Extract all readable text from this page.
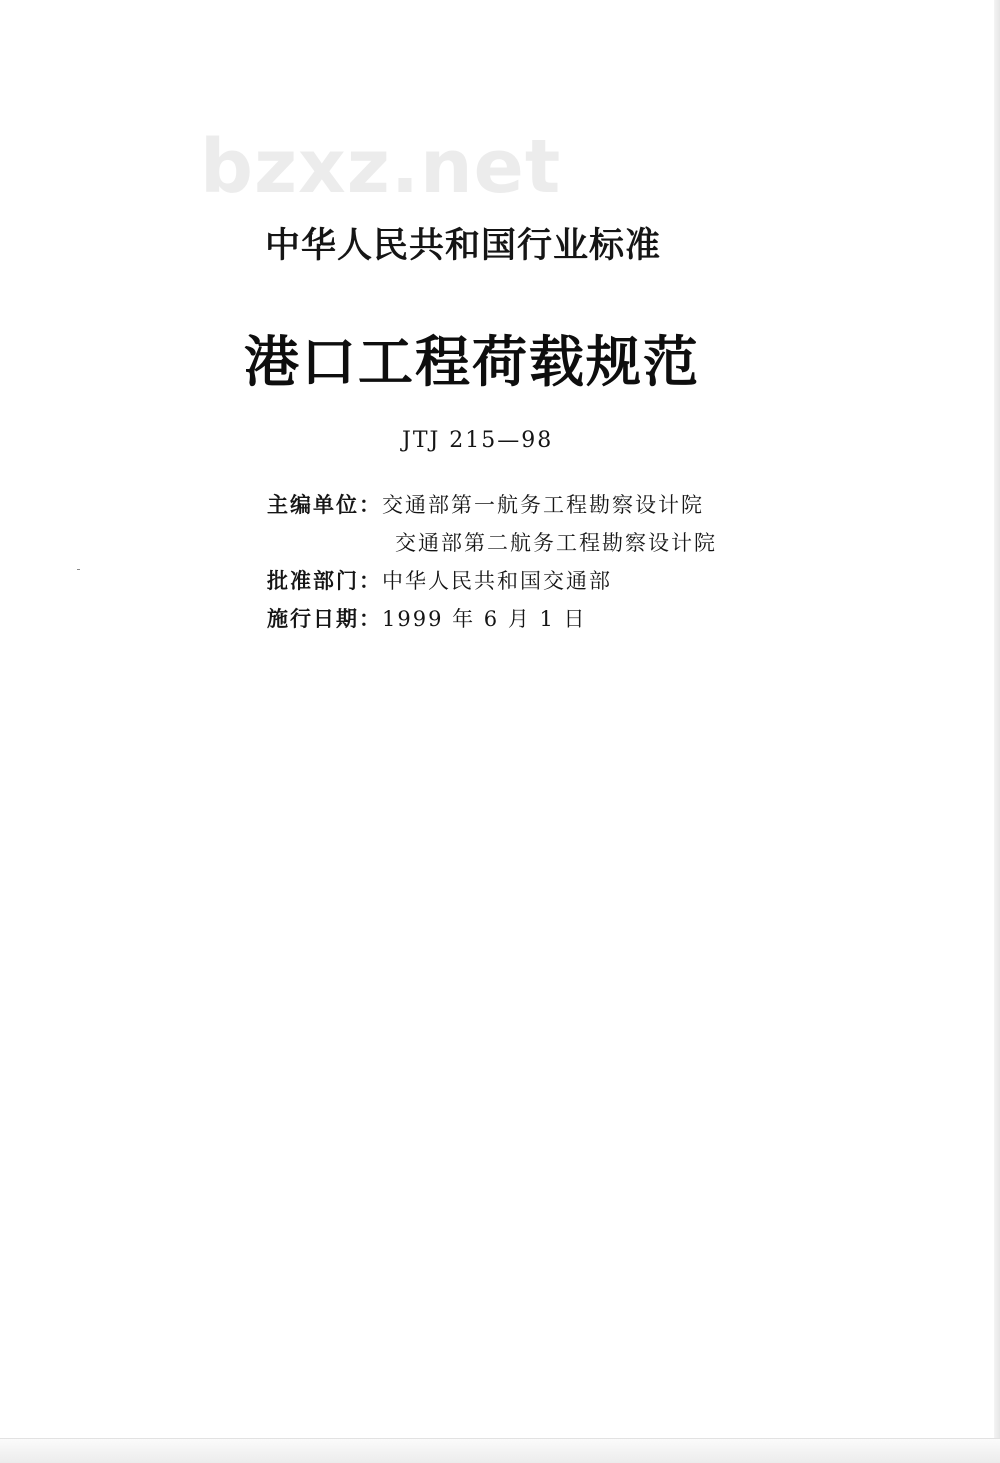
bzxz.net
中华人民共和国行业标准
港口工程荷载规范
JTJ 215—98
主编单位：交通部第一航务工程勘察设计院
交通部第二航务工程勘察设计院
批准部门：中华人民共和国交通部
施行日期：1999 年 6 月 1 日
